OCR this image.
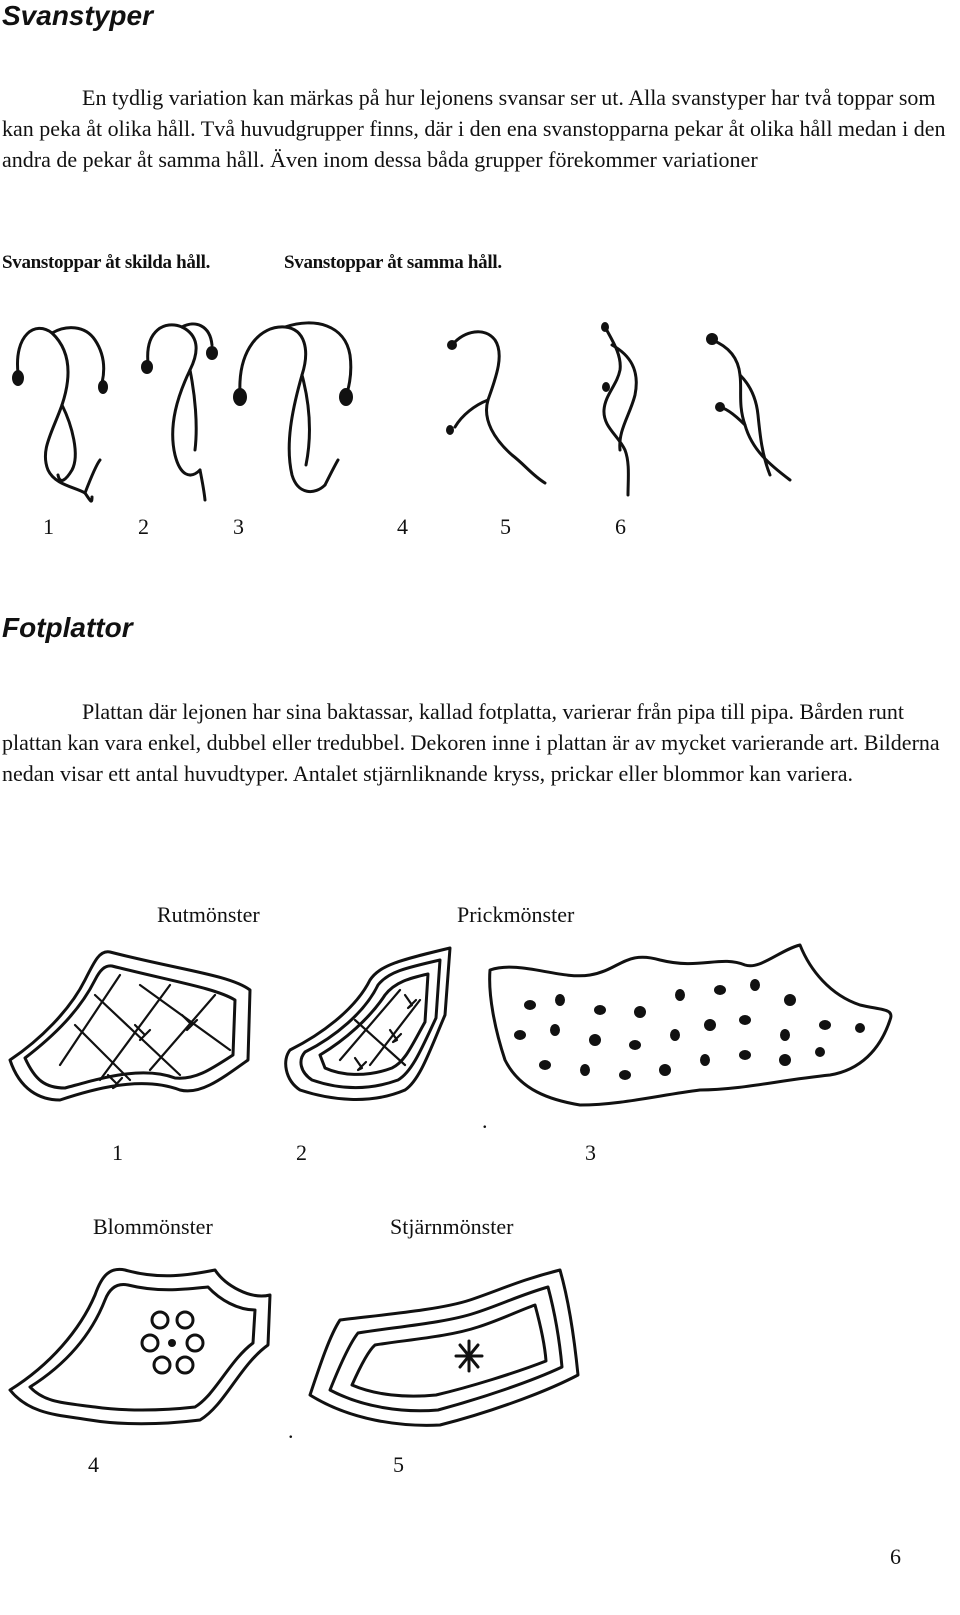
Svanstyper

En tydlig variation kan märkas på hur lejonens svansar ser ut. Alla svanstyper har två toppar som kan peka åt olika håll. Två huvudgrupper finns, där i den ena svanstopparna pekar åt olika håll medan i den andra de pekar åt samma håll. Även inom dessa båda grupper förekommer variationer

Svanstoppar åt skilda håll.	Svanstoppar åt samma håll.
1	2	3	4	5	6
Fotplattor

Plattan där lejonen har sina baktassar, kallad fotplatta, varierar från pipa till pipa. Bården runt plattan kan vara enkel, dubbel eller tredubbel. Dekoren inne i plattan är av mycket varierande art. Bilderna nedan visar ett antal huvudtyper. Antalet stjärnliknande kryss, prickar eller blommor kan variera.

Rutmönster	Prickmönster
.
1	2	3
Blommönster	Stjärnmönster
.
4	5
6
